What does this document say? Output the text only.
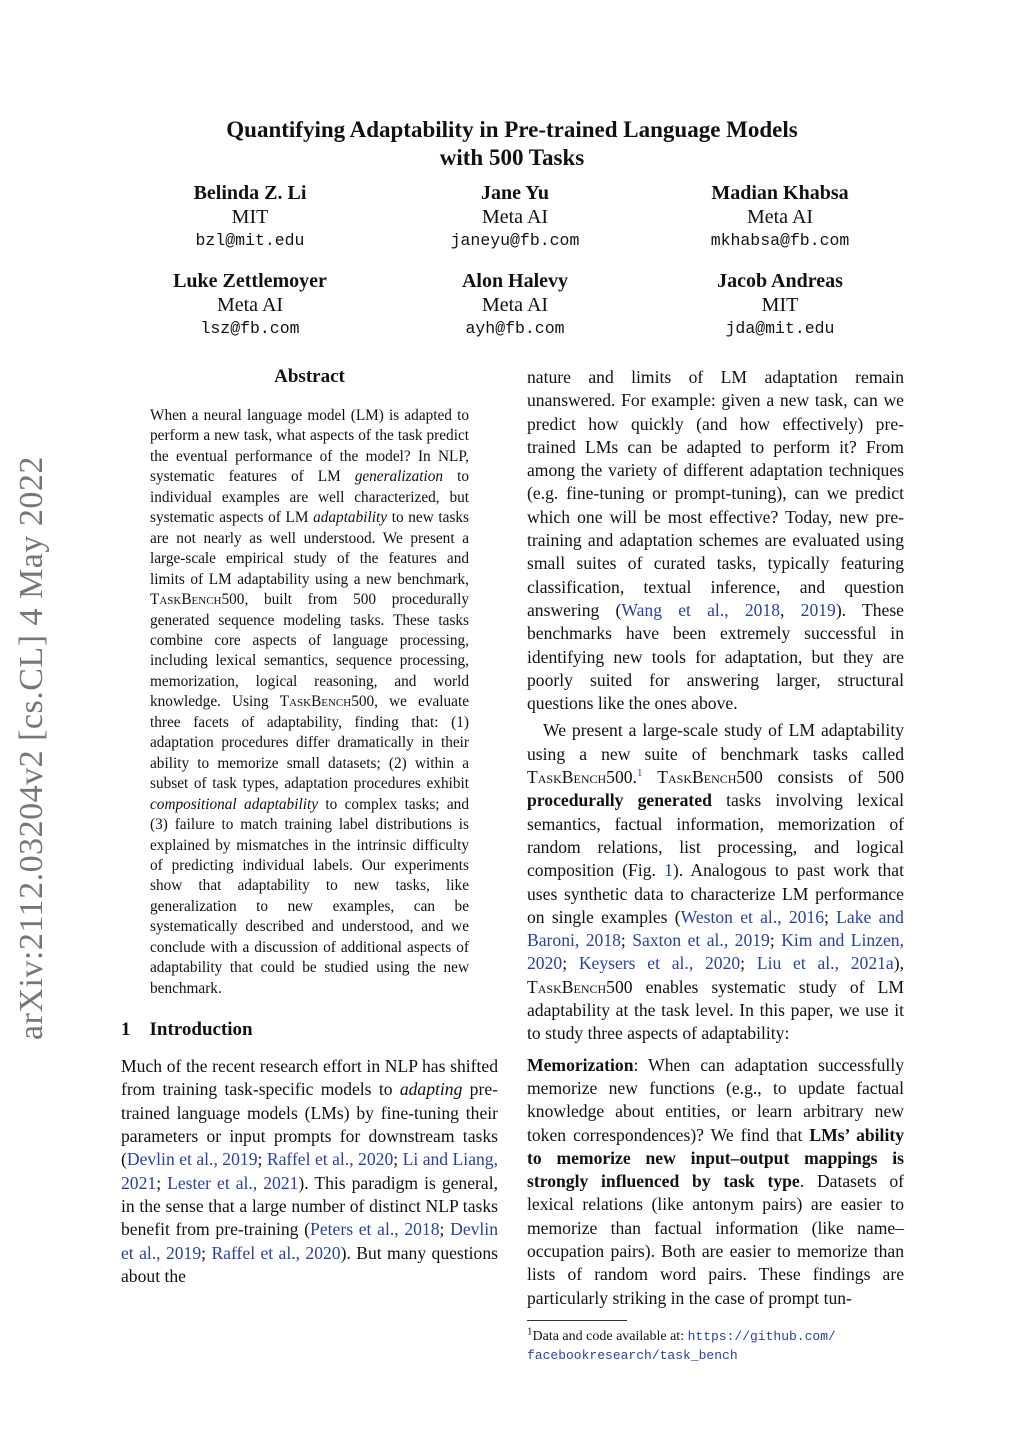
arXiv:2112.03204v2 [cs.CL] 4 May 2022
Quantifying Adaptability in Pre-trained Language Models
with 500 Tasks
Belinda Z. Li
MIT
bzl@mit.edu
Jane Yu
Meta AI
janeyu@fb.com
Madian Khabsa
Meta AI
mkhabsa@fb.com
Luke Zettlemoyer
Meta AI
lsz@fb.com
Alon Halevy
Meta AI
ayh@fb.com
Jacob Andreas
MIT
jda@mit.edu
Abstract

When a neural language model (LM) is adapted to perform a new task, what aspects of the task predict the eventual performance of the model? In NLP, systematic features of LM generalization to individual examples are well characterized, but systematic aspects of LM adaptability to new tasks are not nearly as well understood. We present a large-scale empirical study of the features and limits of LM adaptability using a new benchmark, TaskBench500, built from 500 procedurally generated sequence modeling tasks. These tasks combine core aspects of language processing, including lexical semantics, sequence processing, memorization, logical reasoning, and world knowledge. Using TaskBench500, we evaluate three facets of adaptability, finding that: (1) adaptation procedures differ dramatically in their ability to memorize small datasets; (2) within a subset of task types, adaptation procedures exhibit compositional adaptability to complex tasks; and (3) failure to match training label distributions is explained by mismatches in the intrinsic difficulty of predicting individual labels. Our experiments show that adaptability to new tasks, like generalization to new examples, can be systematically described and understood, and we conclude with a discussion of additional aspects of adaptability that could be studied using the new benchmark.

1    Introduction

Much of the recent research effort in NLP has shifted from training task-specific models to adapting pre-trained language models (LMs) by fine-tuning their parameters or input prompts for downstream tasks (Devlin et al., 2019; Raffel et al., 2020; Li and Liang, 2021; Lester et al., 2021). This paradigm is general, in the sense that a large number of distinct NLP tasks benefit from pre-training (Peters et al., 2018; Devlin et al., 2019; Raffel et al., 2020). But many questions about the

nature and limits of LM adaptation remain unanswered. For example: given a new task, can we predict how quickly (and how effectively) pre-trained LMs can be adapted to perform it? From among the variety of different adaptation techniques (e.g. fine-tuning or prompt-tuning), can we predict which one will be most effective? Today, new pre-training and adaptation schemes are evaluated using small suites of curated tasks, typically featuring classification, textual inference, and question answering (Wang et al., 2018, 2019). These benchmarks have been extremely successful in identifying new tools for adaptation, but they are poorly suited for answering larger, structural questions like the ones above.

We present a large-scale study of LM adaptability using a new suite of benchmark tasks called TaskBench500.$^1$ TaskBench500 consists of 500 procedurally generated tasks involving lexical semantics, factual information, memorization of random relations, list processing, and logical composition (Fig. 1). Analogous to past work that uses synthetic data to characterize LM performance on single examples (Weston et al., 2016; Lake and Baroni, 2018; Saxton et al., 2019; Kim and Linzen, 2020; Keysers et al., 2020; Liu et al., 2021a), TaskBench500 enables systematic study of LM adaptability at the task level. In this paper, we use it to study three aspects of adaptability:

Memorization: When can adaptation successfully memorize new functions (e.g., to update factual knowledge about entities, or learn arbitrary new token correspondences)? We find that LMs’ ability to memorize new input–output mappings is strongly influenced by task type. Datasets of lexical relations (like antonym pairs) are easier to memorize than factual information (like name–occupation pairs). Both are easier to memorize than lists of random word pairs. These findings are particularly striking in the case of prompt tun-

$^1$Data and code available at: https://github.com/
facebookresearch/task_bench
